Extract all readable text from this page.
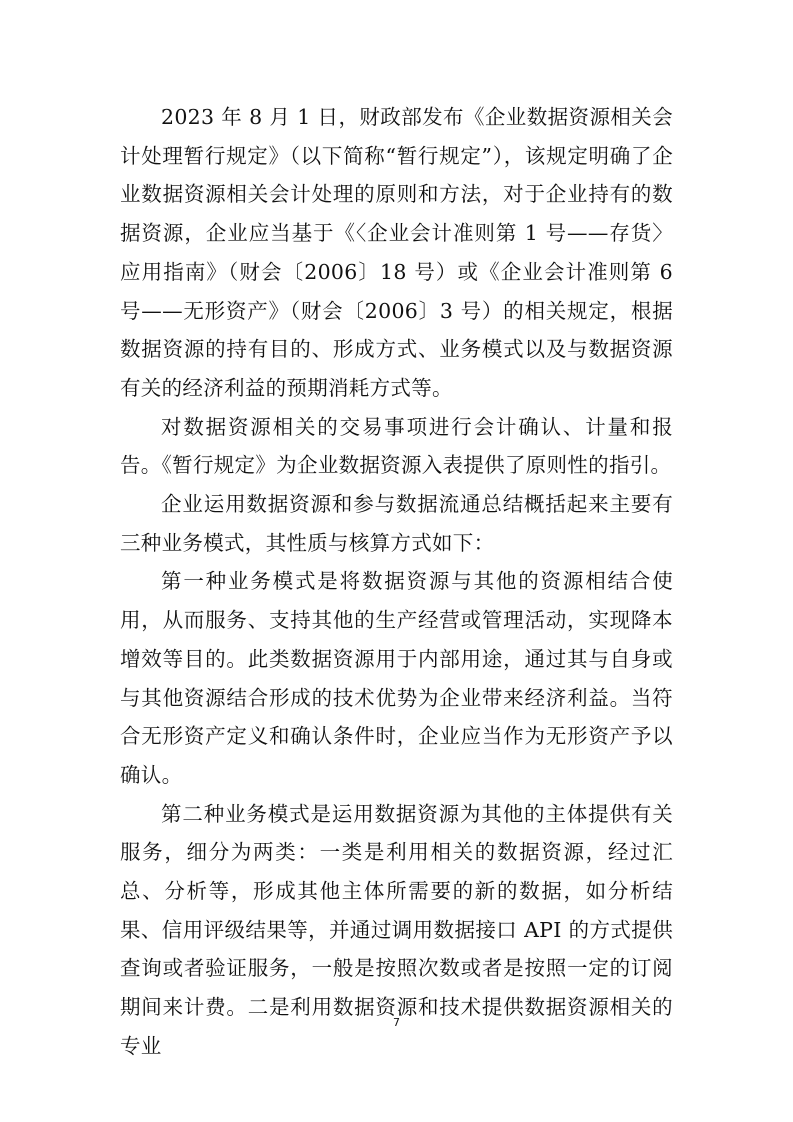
2023 年 8 月 1 日，财政部发布《企业数据资源相关会计处理暂行规定》（以下简称“暂行规定”），该规定明确了企业数据资源相关会计处理的原则和方法，对于企业持有的数据资源，企业应当基于《〈企业会计准则第 1 号——存货〉应用指南》（财会〔2006〕18 号）或《企业会计准则第 6 号——无形资产》（财会〔2006〕3 号）的相关规定，根据数据资源的持有目的、形成方式、业务模式以及与数据资源有关的经济利益的预期消耗方式等。

对数据资源相关的交易事项进行会计确认、计量和报告。《暂行规定》为企业数据资源入表提供了原则性的指引。

企业运用数据资源和参与数据流通总结概括起来主要有三种业务模式，其性质与核算方式如下：

第一种业务模式是将数据资源与其他的资源相结合使用，从而服务、支持其他的生产经营或管理活动，实现降本增效等目的。此类数据资源用于内部用途，通过其与自身或与其他资源结合形成的技术优势为企业带来经济利益。当符合无形资产定义和确认条件时，企业应当作为无形资产予以确认。

第二种业务模式是运用数据资源为其他的主体提供有关服务，细分为两类：一类是利用相关的数据资源，经过汇总、分析等，形成其他主体所需要的新的数据，如分析结果、信用评级结果等，并通过调用数据接口 API 的方式提供查询或者验证服务，一般是按照次数或者是按照一定的订阅期间来计费。二是利用数据资源和技术提供数据资源相关的专业

7
